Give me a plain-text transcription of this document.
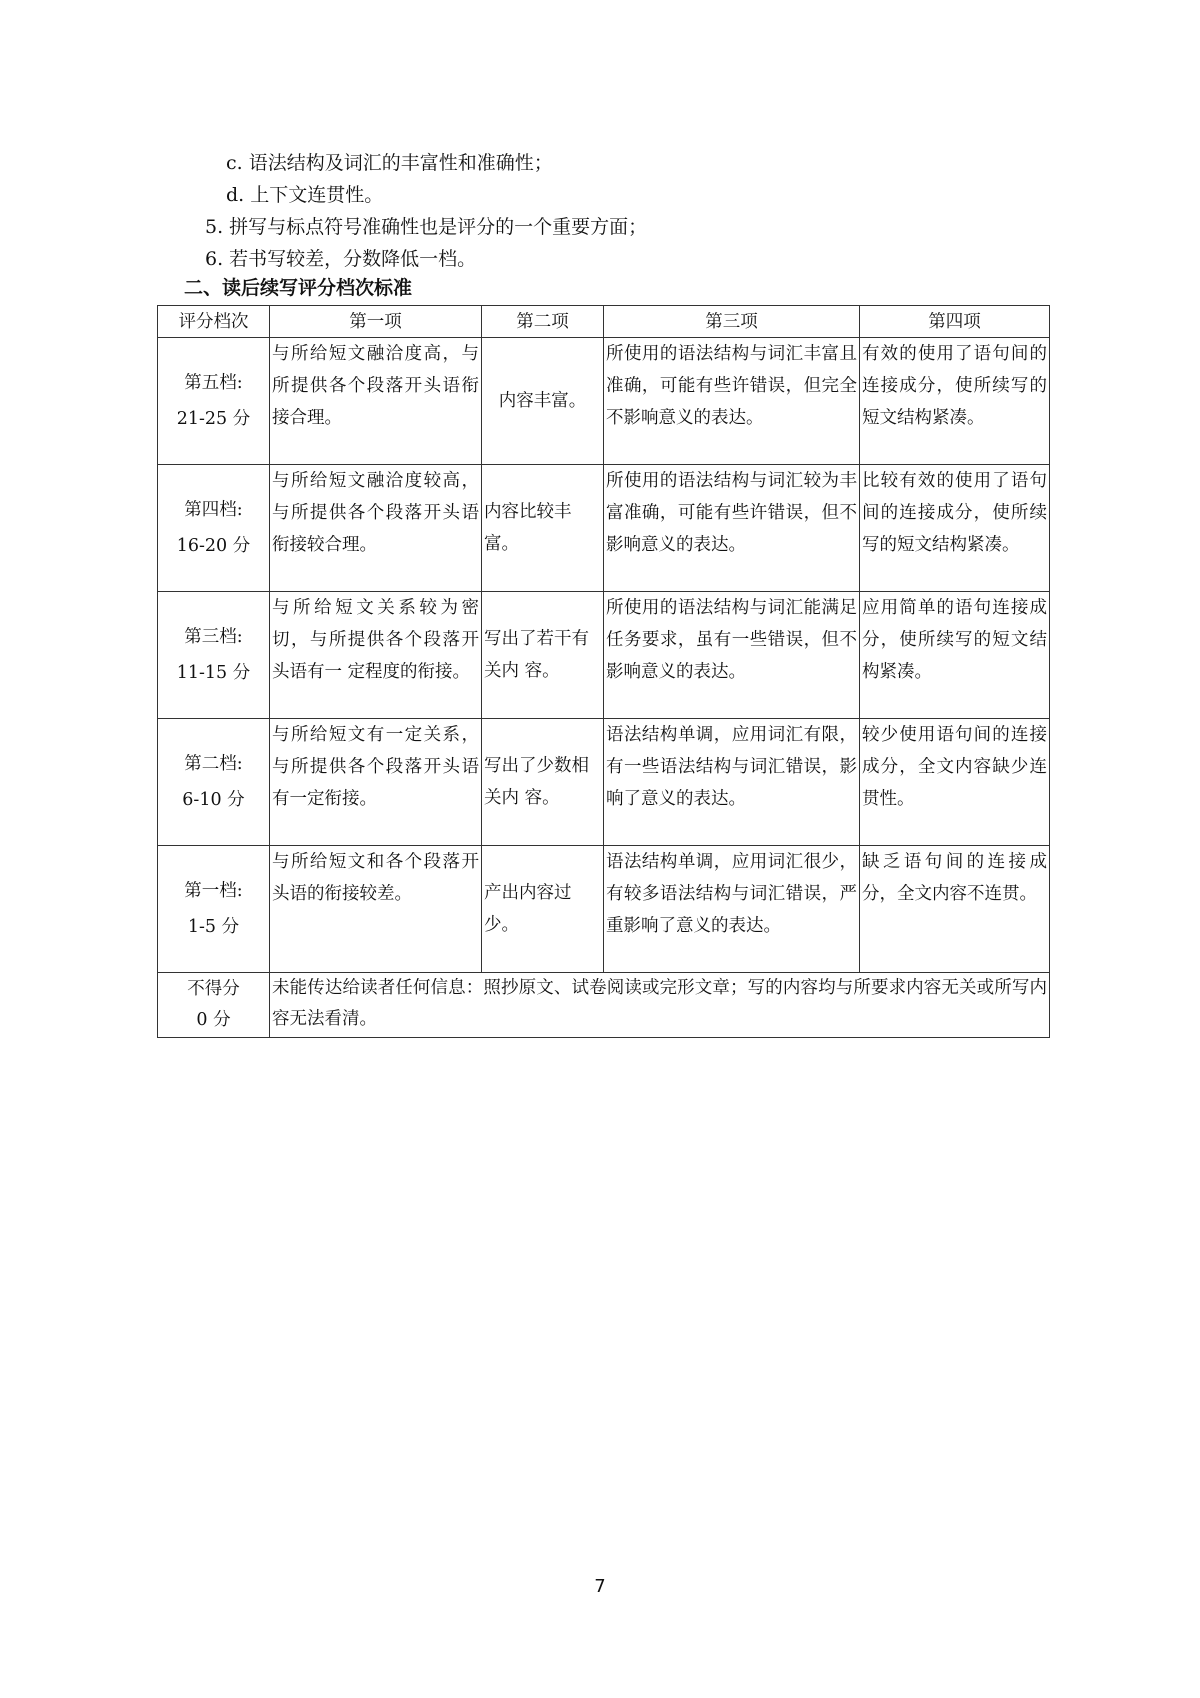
c. 语法结构及词汇的丰富性和准确性；
d. 上下文连贯性。
5. 拼写与标点符号准确性也是评分的一个重要方面；
6. 若书写较差，分数降低一档。
二、读后续写评分档次标准
评分档次	第一项	第二项	第三项	第四项

第五档:
21-25 分	与所给短文融洽度高，与所提供各个段落开头语衔接合理。	内容丰富。	所使用的语法结构与词汇丰富且准确，可能有些许错误，但完全不影响意义的表达。	有效的使用了语句间的连接成分，使所续写的短文结构紧凑。

第四档:
16-20 分	与所给短文融洽度较高，与所提供各个段落开头语衔接较合理。	内容比较丰富。	所使用的语法结构与词汇较为丰富准确，可能有些许错误，但不影响意义的表达。	比较有效的使用了语句间的连接成分，使所续写的短文结构紧凑。

第三档:
11-15 分	与所给短文关系较为密切，与所提供各个段落开头语有一 定程度的衔接。	写出了若干有关内 容。	所使用的语法结构与词汇能满足任务要求，虽有一些错误，但不影响意义的表达。	应用简单的语句连接成分，使所续写的短文结构紧凑。

第二档:
6-10 分	与所给短文有一定关系，与所提供各个段落开头语有一定衔接。	写出了少数相关内 容。	语法结构单调，应用词汇有限，有一些语法结构与词汇错误，影响了意义的表达。	较少使用语句间的连接成分，全文内容缺少连贯性。

第一档:
1-5 分	与所给短文和各个段落开头语的衔接较差。	产出内容过少。	语法结构单调，应用词汇很少，有较多语法结构与词汇错误，严重影响了意义的表达。	缺乏语句间的连接成分，全文内容不连贯。

不得分
0 分	未能传达给读者任何信息：照抄原文、试卷阅读或完形文章；写的内容均与所要求内容无关或所写内容无法看清。			
7
